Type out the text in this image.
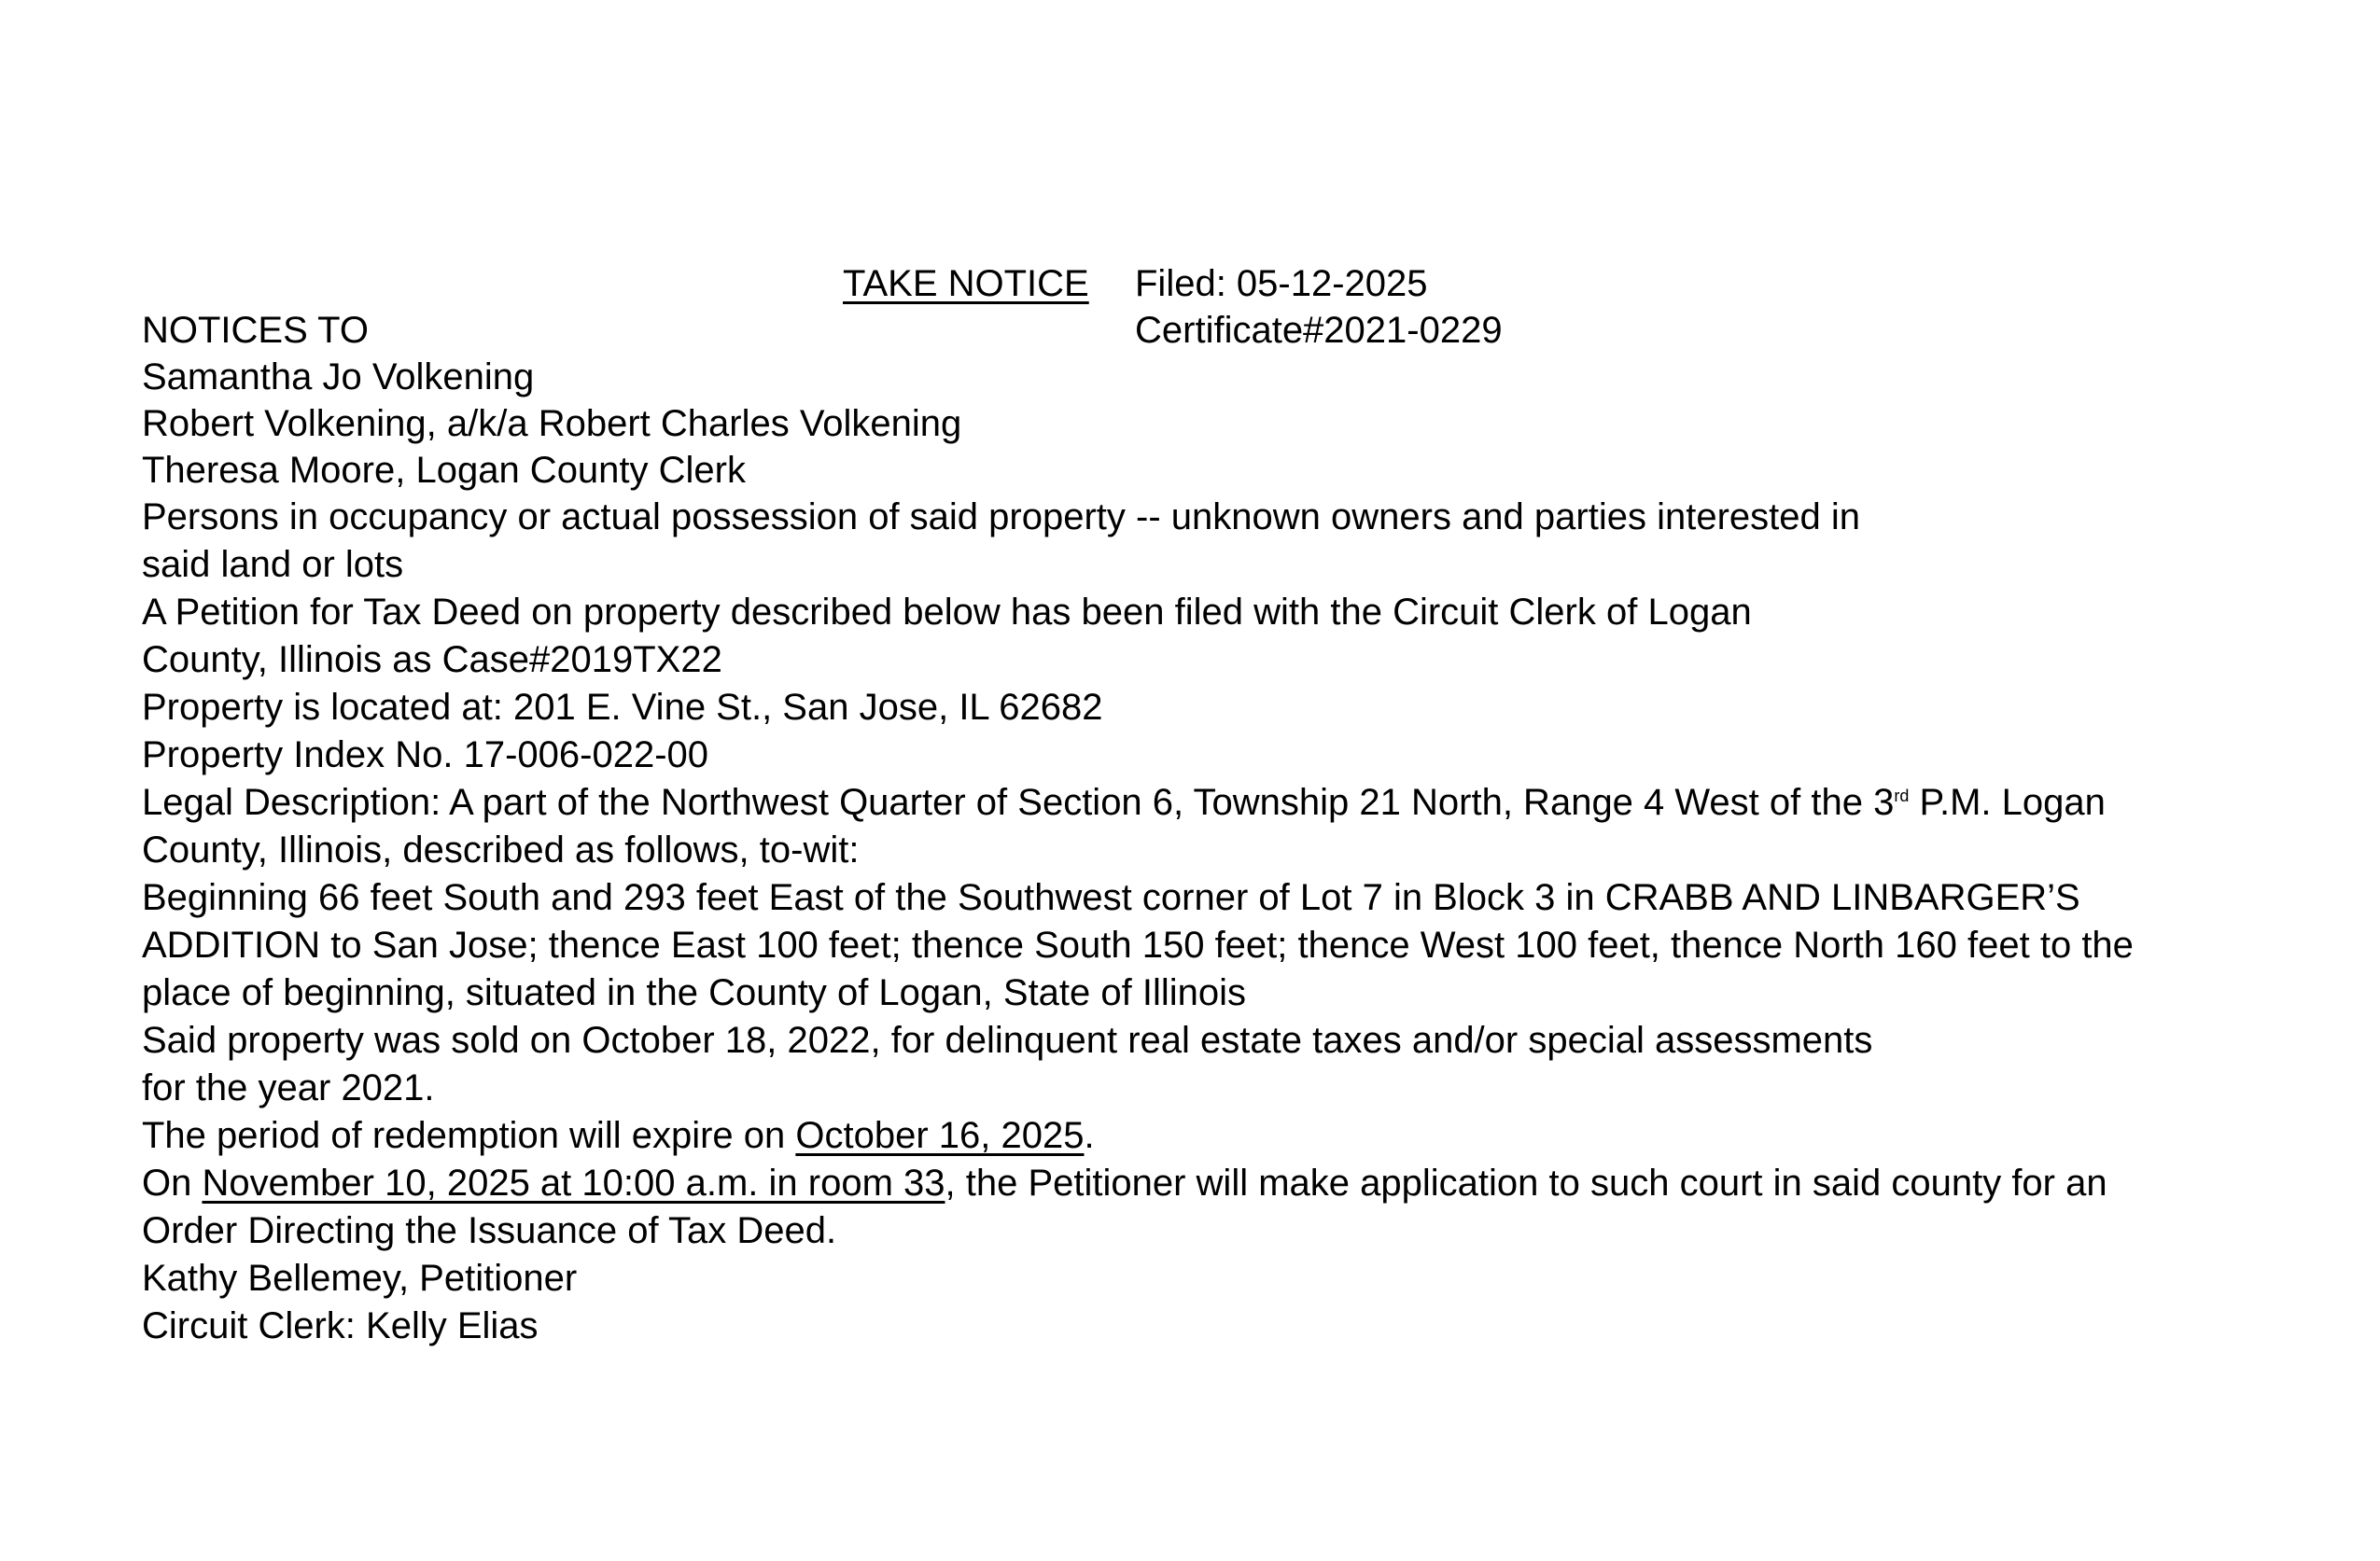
TAKE NOTICE Filed: 05-12-2025
Certificate#2021-0229
NOTICES TO
Samantha Jo Volkening
Robert Volkening, a/k/a Robert Charles Volkening
Theresa Moore, Logan County Clerk
Persons in occupancy or actual possession of said property -- unknown owners and parties interested in
said land or lots
A Petition for Tax Deed on property described below has been filed with the Circuit Clerk of Logan
County, Illinois as Case#2019TX22
Property is located at: 201 E. Vine St., San Jose, IL 62682
Property Index No. 17-006-022-00
Legal Description: A part of the Northwest Quarter of Section 6, Township 21 North, Range 4 West of the 3rd P.M. Logan
County, Illinois, described as follows, to-wit:
Beginning 66 feet South and 293 feet East of the Southwest corner of Lot 7 in Block 3 in CRABB AND LINBARGER’S
ADDITION to San Jose; thence East 100 feet; thence South 150 feet; thence West 100 feet, thence North 160 feet to the
place of beginning, situated in the County of Logan, State of Illinois
Said property was sold on October 18, 2022, for delinquent real estate taxes and/or special assessments
for the year 2021.
The period of redemption will expire on October 16, 2025.
On November 10, 2025 at 10:00 a.m. in room 33, the Petitioner will make application to such court in said county for an
Order Directing the Issuance of Tax Deed.
Kathy Bellemey, Petitioner
Circuit Clerk: Kelly Elias
